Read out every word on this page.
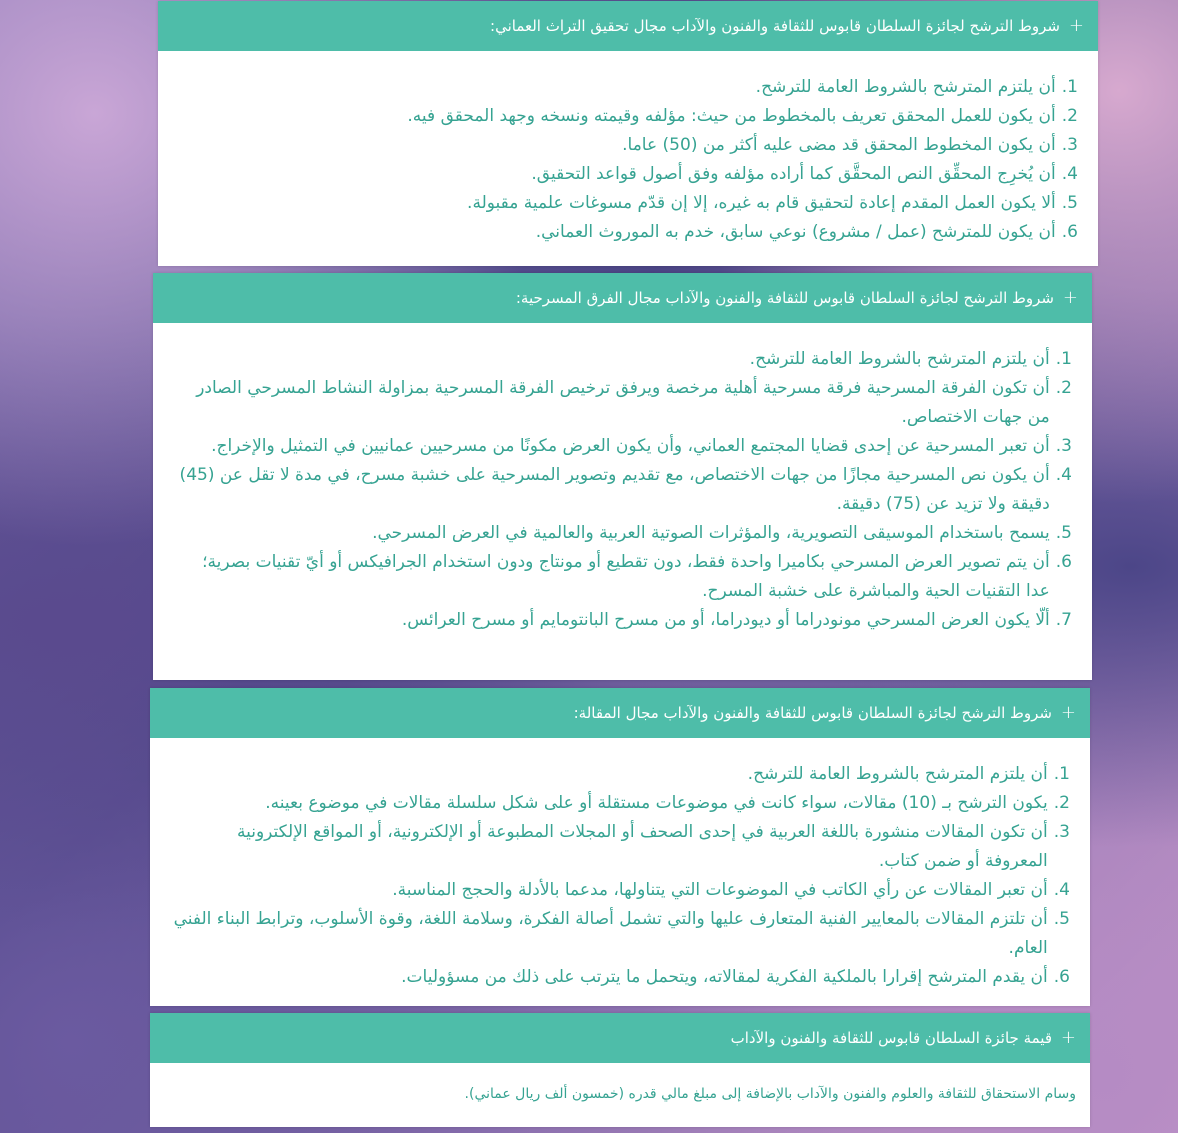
+
شروط الترشح لجائزة السلطان قابوس للثقافة والفنون والآداب مجال تحقيق التراث العماني:
1.
أن يلتزم المترشح بالشروط العامة للترشح.
2.
أن يكون للعمل المحقق تعريف بالمخطوط من حيث: مؤلفه وقيمته ونسخه وجهد المحقق فيه.
3.
أن يكون المخطوط المحقق قد مضى عليه أكثر من (50) عاما.
4.
أن يُخرِج المحقِّق النص المحقَّق كما أراده مؤلفه وفق أصول قواعد التحقيق.
5.
ألا يكون العمل المقدم إعادة لتحقيق قام به غيره، إلا إن قدّم مسوغات علمية مقبولة.
6.
أن يكون للمترشح (عمل / مشروع) نوعي سابق، خدم به الموروث العماني.
+
شروط الترشح لجائزة السلطان قابوس للثقافة والفنون والآداب مجال الفرق المسرحية:
1.
أن يلتزم المترشح بالشروط العامة للترشح.
2.
أن تكون الفرقة المسرحية فرقة مسرحية أهلية مرخصة ويرفق ترخيص الفرقة المسرحية بمزاولة النشاط المسرحي الصادر من جهات الاختصاص.
3.
أن تعبر المسرحية عن إحدى قضايا المجتمع العماني، وأن يكون العرض مكونًا من مسرحيين عمانيين في التمثيل والإخراج.
4.
أن يكون نص المسرحية مجازًا من جهات الاختصاص، مع تقديم وتصوير المسرحية على خشبة مسرح، في مدة لا تقل عن (45) دقيقة ولا تزيد عن (75) دقيقة.
5.
يسمح باستخدام الموسيقى التصويرية، والمؤثرات الصوتية العربية والعالمية في العرض المسرحي.
6.
أن يتم تصوير العرض المسرحي بكاميرا واحدة فقط، دون تقطيع أو مونتاج ودون استخدام الجرافيكس أو أيّ تقنيات بصرية؛ عدا التقنيات الحية والمباشرة على خشبة المسرح.
7.
ألّا يكون العرض المسرحي مونودراما أو ديودراما، أو من مسرح البانتومايم أو مسرح العرائس.
+
شروط الترشح لجائزة السلطان قابوس للثقافة والفنون والآداب مجال المقالة:
1.
أن يلتزم المترشح بالشروط العامة للترشح.
2.
يكون الترشح بـ (10) مقالات، سواء كانت في موضوعات مستقلة أو على شكل سلسلة مقالات في موضوع بعينه.
3.
أن تكون المقالات منشورة باللغة العربية في إحدى الصحف أو المجلات المطبوعة أو الإلكترونية، أو المواقع الإلكترونية المعروفة أو ضمن كتاب.
4.
أن تعبر المقالات عن رأي الكاتب في الموضوعات التي يتناولها، مدعما بالأدلة والحجج المناسبة.
5.
أن تلتزم المقالات بالمعايير الفنية المتعارف عليها والتي تشمل أصالة الفكرة، وسلامة اللغة، وقوة الأسلوب، وترابط البناء الفني العام.
6.
أن يقدم المترشح إقرارا بالملكية الفكرية لمقالاته، ويتحمل ما يترتب على ذلك من مسؤوليات.
+
قيمة جائزة السلطان قابوس للثقافة والفنون والآداب
وسام الاستحقاق للثقافة والعلوم والفنون والآداب بالإضافة إلى مبلغ مالي قدره (خمسون ألف ريال عماني).
